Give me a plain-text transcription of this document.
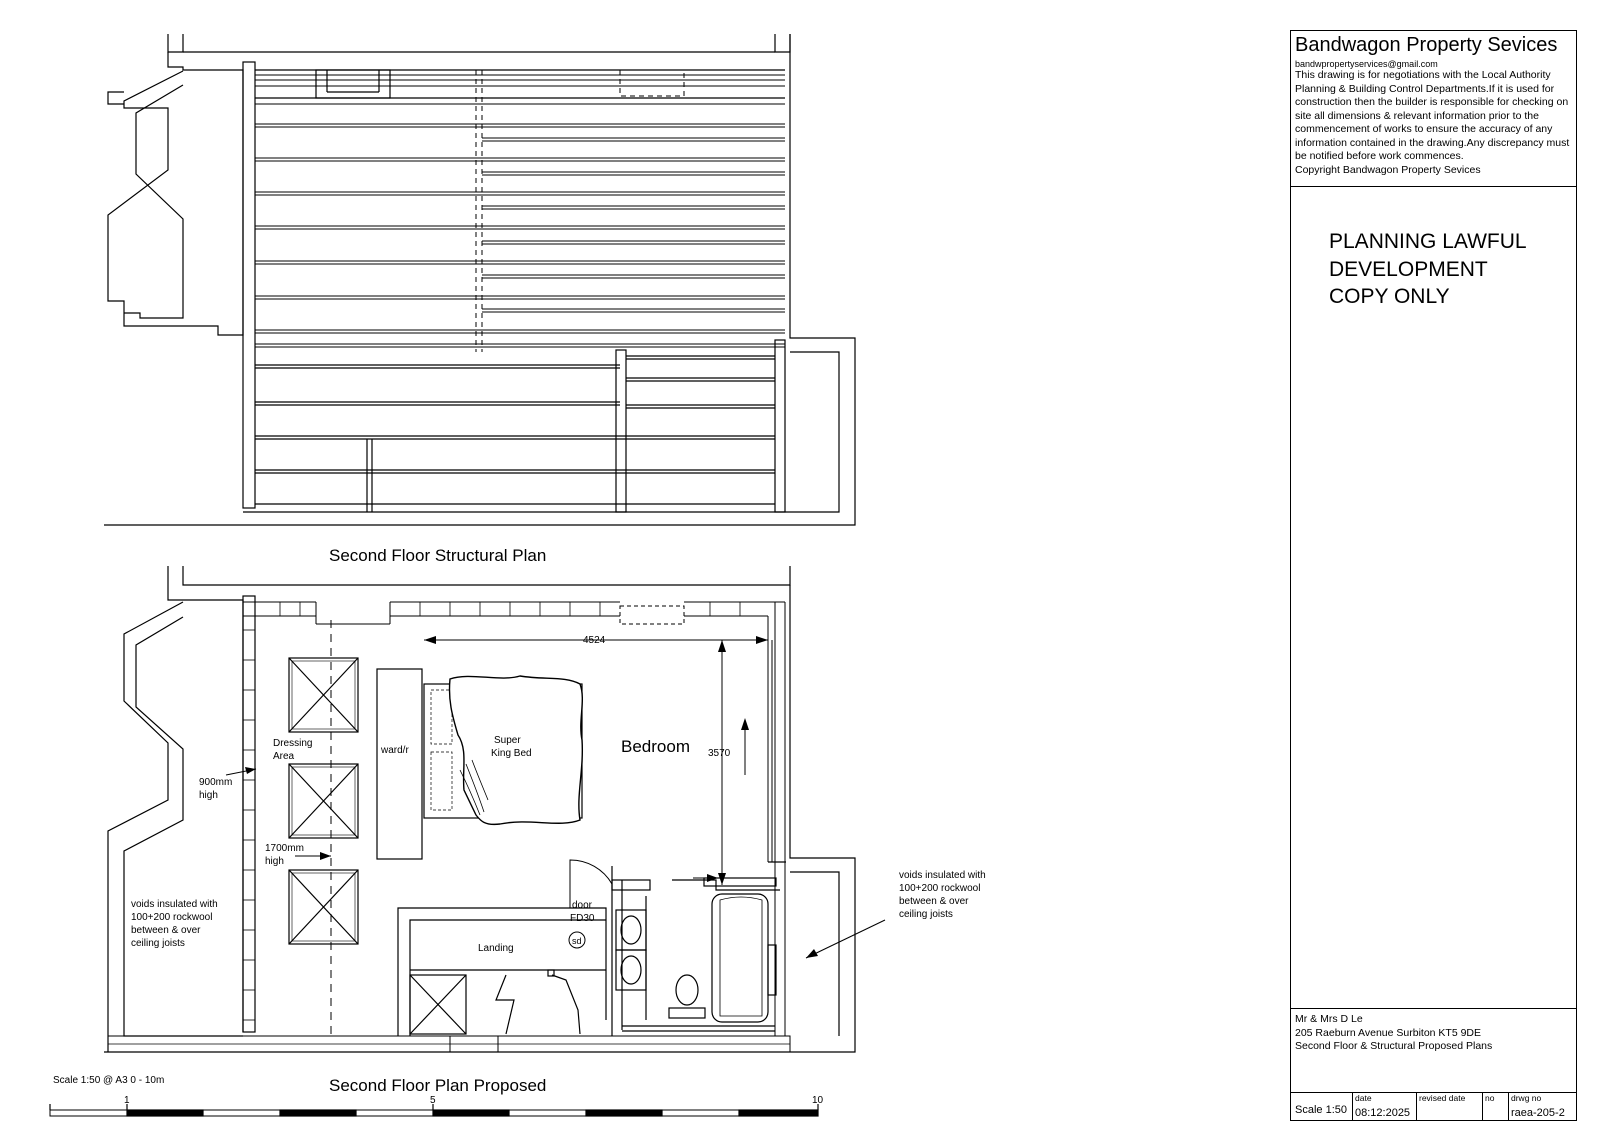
Second Floor Structural Plan
Second Floor Plan Proposed
4524
3570
Bedroom
Super
King Bed
ward/r
Dressing
Area
900mm
high
1700mm
high
door
FD30
sd
Landing
voids insulated with
100+200 rockwool
between & over
ceiling joists
voids insulated with
100+200 rockwool
between & over
ceiling joists
Scale 1:50 @ A3 0 - 10m
1	5	10
Bandwagon Property Sevices
bandwpropertyservices@gmail.com
This drawing is for negotiations with the Local Authority Planning & Building Control Departments.If it is used for construction then the builder is responsible for checking on site all dimensions & relevant information prior to the commencement of works to ensure the accuracy of any information contained in the drawing.Any discrepancy must be notified before work commences.
Copyright Bandwagon Property Sevices
PLANNING LAWFUL
DEVELOPMENT
COPY ONLY
Mr & Mrs D Le
205 Raeburn Avenue Surbiton KT5 9DE
Second Floor & Structural Proposed Plans
Scale 1:50
date
08:12:2025
revised date no drwg no
raea-205-2
